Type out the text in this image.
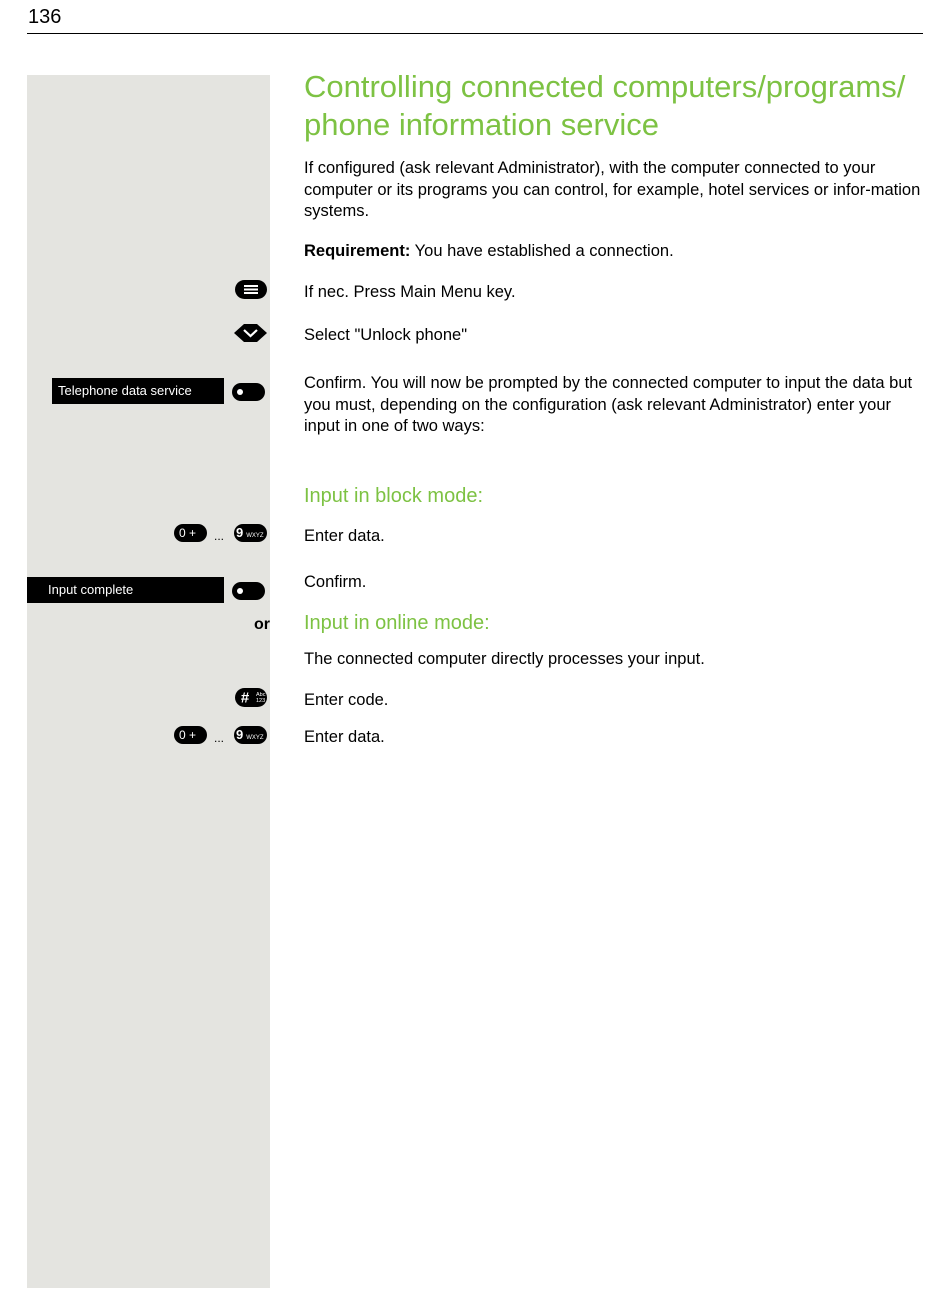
136
Controlling connected computers/programs/
phone information service
If configured (ask relevant Administrator), with the computer connected to your computer or its programs you can control, for example, hotel services or infor-mation systems.
Requirement: You have established a connection.
If nec. Press Main Menu key.
Select "Unlock phone"
Telephone data service	Confirm. You will now be prompted by the connected computer to input the data but you must, depending on the configuration (ask relevant Administrator) enter your input in one of two ways:
Input in block mode:
0 +	... 9 WXYZ Enter data.
Input complete	Confirm.
or Input in online mode:
The connected computer directly processes your input.
# Abc
123 Enter code.
0 +	... 9 WXYZ Enter data.
